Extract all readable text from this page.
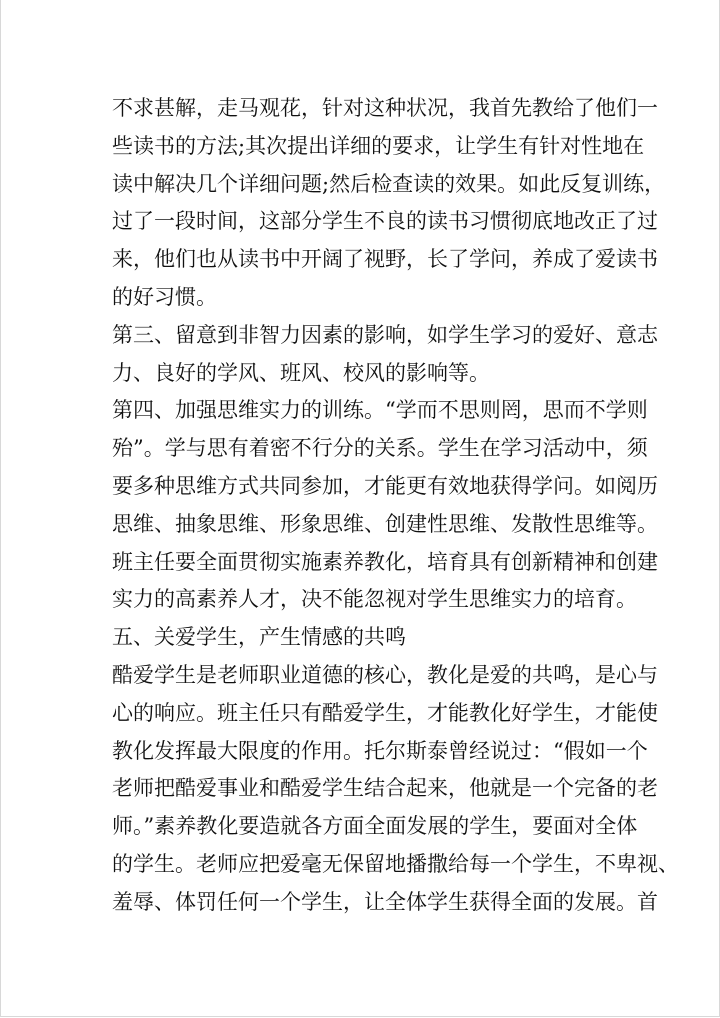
不求甚解，走马观花，针对这种状况，我首先教给了他们一
些读书的方法;其次提出详细的要求，让学生有针对性地在
读中解决几个详细问题;然后检查读的效果。如此反复训练，
过了一段时间，这部分学生不良的读书习惯彻底地改正了过
来，他们也从读书中开阔了视野，长了学问，养成了爱读书
的好习惯。
第三、留意到非智力因素的影响，如学生学习的爱好、意志
力、良好的学风、班风、校风的影响等。
第四、加强思维实力的训练。“学而不思则罔，思而不学则
殆”。学与思有着密不行分的关系。学生在学习活动中，须
要多种思维方式共同参加，才能更有效地获得学问。如阅历
思维、抽象思维、形象思维、创建性思维、发散性思维等。
班主任要全面贯彻实施素养教化，培育具有创新精神和创建
实力的高素养人才，决不能忽视对学生思维实力的培育。
五、关爱学生，产生情感的共鸣
酷爱学生是老师职业道德的核心，教化是爱的共鸣，是心与
心的响应。班主任只有酷爱学生，才能教化好学生，才能使
教化发挥最大限度的作用。托尔斯泰曾经说过：“假如一个
老师把酷爱事业和酷爱学生结合起来，他就是一个完备的老
师。”素养教化要造就各方面全面发展的学生，要面对全体
的学生。老师应把爱毫无保留地播撒给每一个学生，不卑视、
羞辱、体罚任何一个学生，让全体学生获得全面的发展。首
